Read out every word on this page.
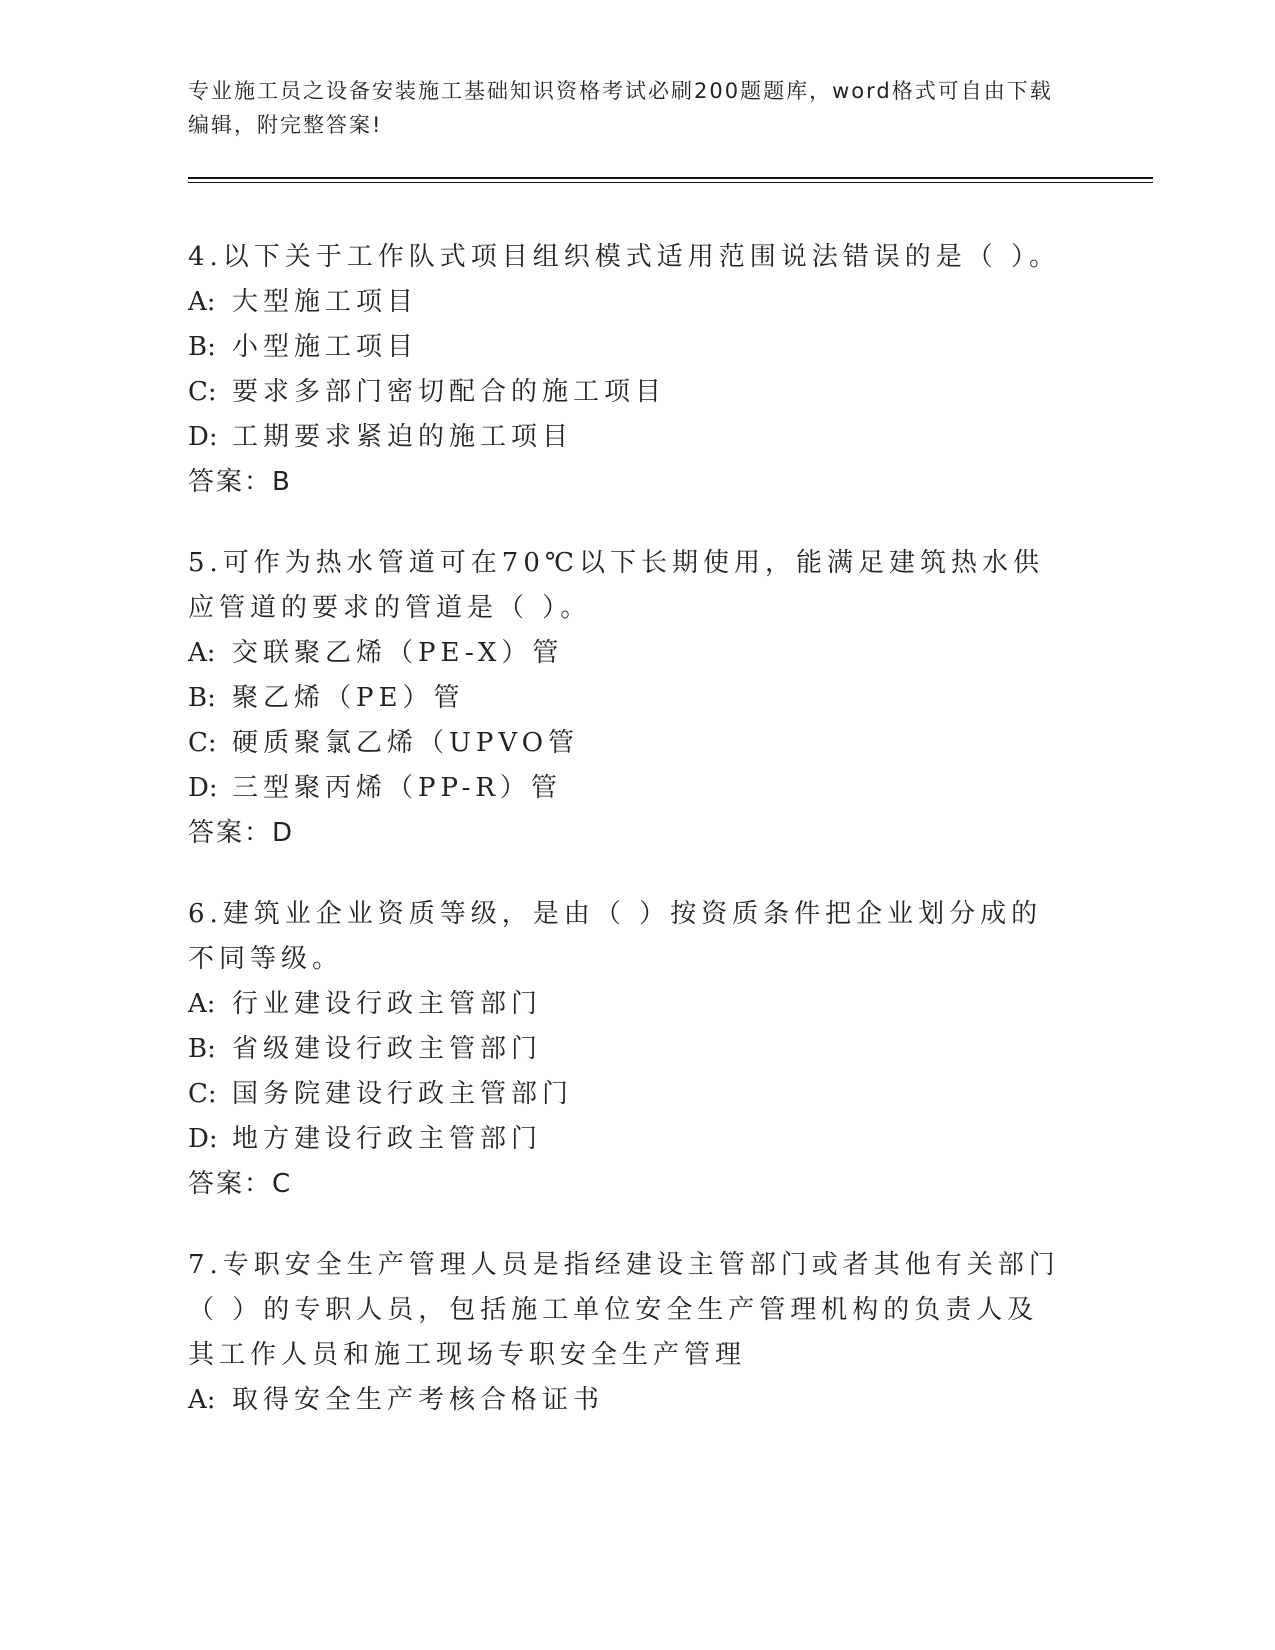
专业施工员之设备安装施工基础知识资格考试必刷200题题库，word格式可自由下载编辑，附完整答案!

4.以下关于工作队式项目组织模式适用范围说法错误的是（ ）。

A: 大型施工项目

B: 小型施工项目

C: 要求多部门密切配合的施工项目

D: 工期要求紧迫的施工项目

答案：B

5.可作为热水管道可在70℃以下长期使用，能满足建筑热水供应管道的要求的管道是（ ）。

A: 交联聚乙烯（PE-X）管

B: 聚乙烯（PE）管

C: 硬质聚氯乙烯（UPVO管

D: 三型聚丙烯（PP-R）管

答案：D

6.建筑业企业资质等级，是由（ ）按资质条件把企业划分成的不同等级。

A: 行业建设行政主管部门

B: 省级建设行政主管部门

C: 国务院建设行政主管部门

D: 地方建设行政主管部门

答案：C

7.专职安全生产管理人员是指经建设主管部门或者其他有关部门（ ）的专职人员，包括施工单位安全生产管理机构的负责人及其工作人员和施工现场专职安全生产管理

A: 取得安全生产考核合格证书
